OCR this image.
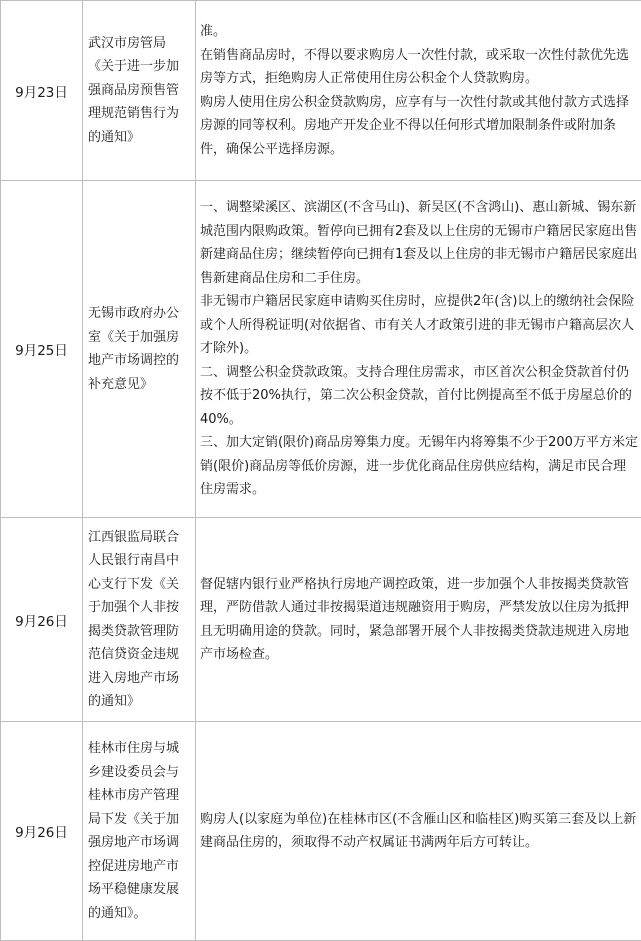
9月23日	武汉市房管局《关于进一步加强商品房预售管理规范销售行为的通知》	准。
在销售商品房时，不得以要求购房人一次性付款，或采取一次性付款优先选房等方式，拒绝购房人正常使用住房公积金个人贷款购房。
购房人使用住房公积金贷款购房，应享有与一次性付款或其他付款方式选择房源的同等权利。房地产开发企业不得以任何形式增加限制条件或附加条件，确保公平选择房源。

9月25日	无锡市政府办公室《关于加强房地产市场调控的补充意见》	一、调整梁溪区、滨湖区(不含马山)、新吴区(不含鸿山)、惠山新城、锡东新城范围内限购政策。暂停向已拥有2套及以上住房的无锡市户籍居民家庭出售新建商品住房；继续暂停向已拥有1套及以上住房的非无锡市户籍居民家庭出售新建商品住房和二手住房。
非无锡市户籍居民家庭申请购买住房时，应提供2年(含)以上的缴纳社会保险或个人所得税证明(对依据省、市有关人才政策引进的非无锡市户籍高层次人才除外)。
二、调整公积金贷款政策。支持合理住房需求，市区首次公积金贷款首付仍按不低于20%执行，第二次公积金贷款，首付比例提高至不低于房屋总价的40%。
三、加大定销(限价)商品房筹集力度。无锡年内将筹集不少于200万平方米定销(限价)商品房等低价房源，进一步优化商品住房供应结构，满足市民合理住房需求。

9月26日	江西银监局联合人民银行南昌中心支行下发《关于加强个人非按揭类贷款管理防范信贷资金违规进入房地产市场的通知》	督促辖内银行业严格执行房地产调控政策，进一步加强个人非按揭类贷款管理，严防借款人通过非按揭渠道违规融资用于购房，严禁发放以住房为抵押且无明确用途的贷款。同时，紧急部署开展个人非按揭类贷款违规进入房地产市场检查。

9月26日	桂林市住房与城乡建设委员会与桂林市房产管理局下发《关于加强房地产市场调控促进房地产市场平稳健康发展的通知》。	购房人(以家庭为单位)在桂林市区(不含雁山区和临桂区)购买第三套及以上新建商品住房的，须取得不动产权属证书满两年后方可转让。
